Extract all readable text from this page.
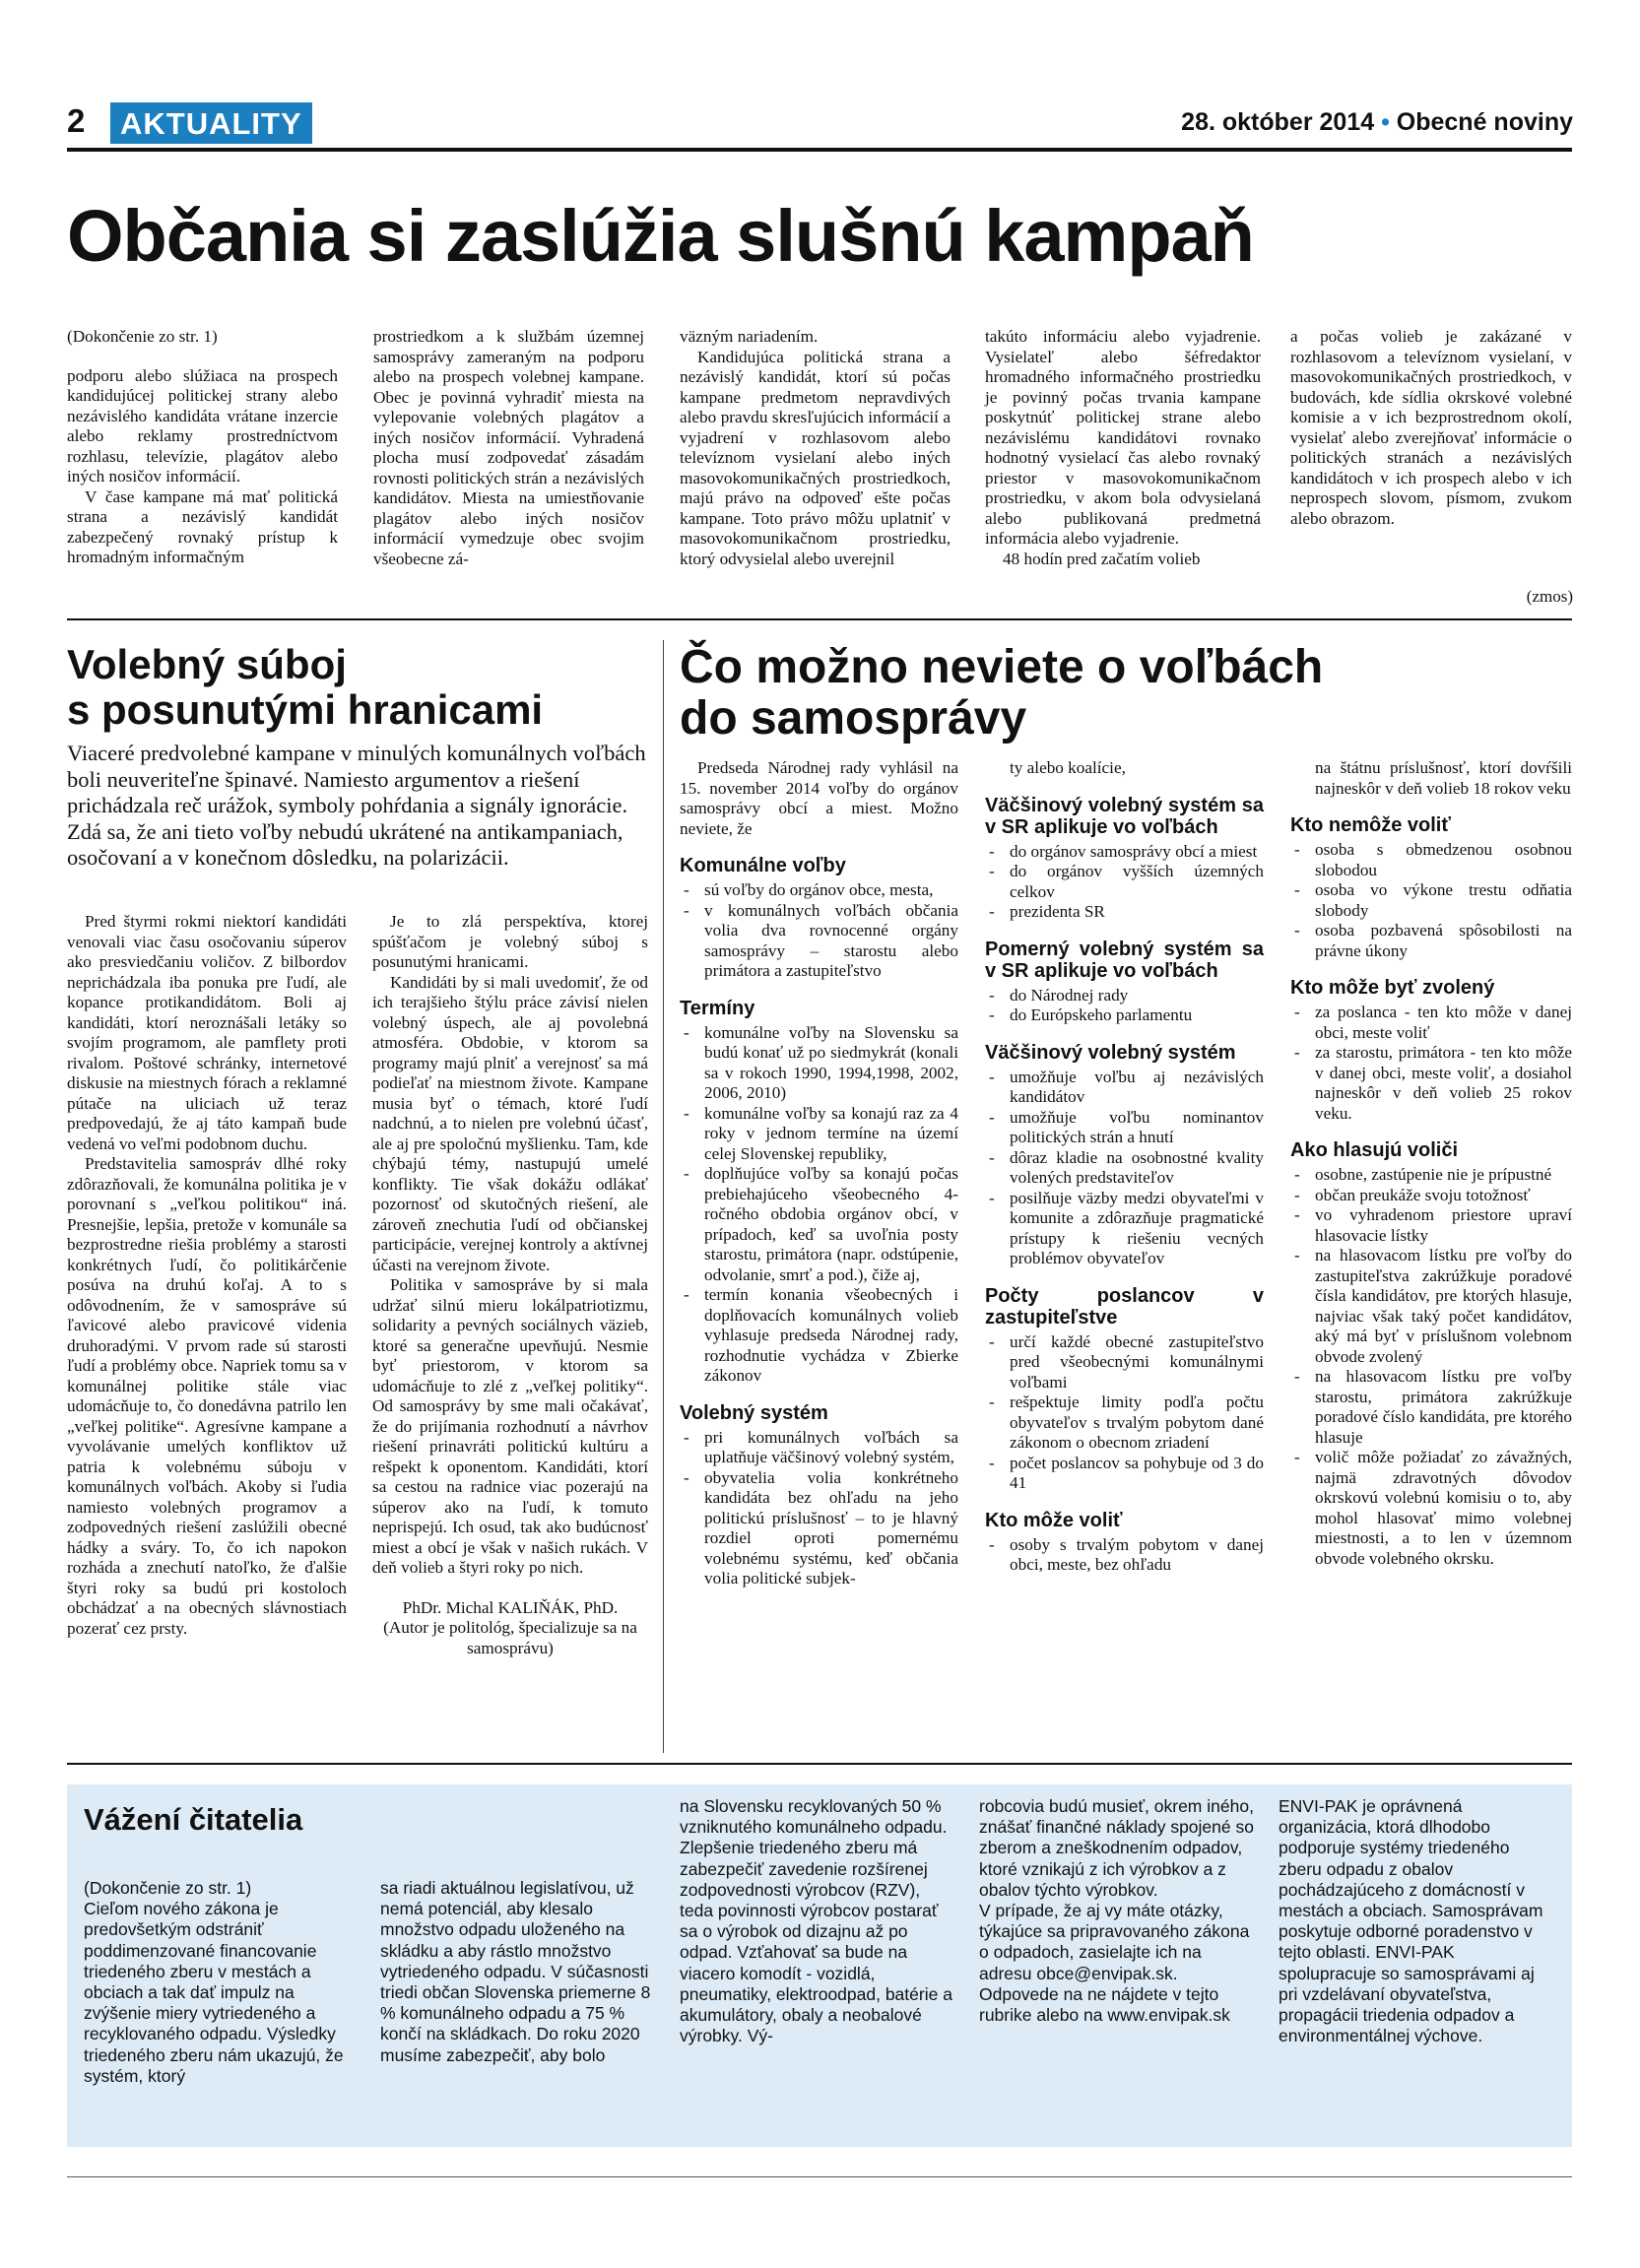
2	AKTUALITY	28. október 2014 • Obecné noviny
Občania si zaslúžia slušnú kampaň

(Dokončenie zo str. 1)

podporu alebo slúžiaca na prospech kandidujúcej politickej strany alebo nezávislého kandidáta vrátane inzercie alebo reklamy prostredníctvom rozhlasu, televízie, plagátov alebo iných nosičov informácií.

V čase kampane má mať politická strana a nezávislý kandidát zabezpečený rovnaký prístup k hromadným informačným

prostriedkom a k službám územnej samosprávy zameraným na podporu alebo na prospech volebnej kampane. Obec je povinná vyhradiť miesta na vylepovanie volebných plagátov a iných nosičov informácií. Vyhradená plocha musí zodpovedať zásadám rovnosti politických strán a nezávislých kandidátov. Miesta na umiestňovanie plagátov alebo iných nosičov informácií vymedzuje obec svojim všeobecne zá-

väzným nariadením.

Kandidujúca politická strana a nezávislý kandidát, ktorí sú počas kampane predmetom nepravdivých alebo pravdu skresľujúcich informácií a vyjadrení v rozhlasovom alebo televíznom vysielaní alebo iných masovokomunikačných prostriedkoch, majú právo na odpoveď ešte počas kampane. Toto právo môžu uplatniť v masovokomunikačnom prostriedku, ktorý odvysielal alebo uverejnil

takúto informáciu alebo vyjadrenie. Vysielateľ alebo šéfredaktor hromadného informačného prostriedku je povinný počas trvania kampane poskytnúť politickej strane alebo nezávislému kandidátovi rovnako hodnotný vysielací čas alebo rovnaký priestor v masovokomunikačnom prostriedku, v akom bola odvysielaná alebo publikovaná predmetná informácia alebo vyjadrenie.

48 hodín pred začatím volieb

a počas volieb je zakázané v rozhlasovom a televíznom vysielaní, v masovokomunikačných prostriedkoch, v budovách, kde sídlia okrskové volebné komisie a v ich bezprostrednom okolí, vysielať alebo zverejňovať informácie o politických stranách a nezávislých kandidátoch v ich prospech alebo v ich neprospech slovom, písmom, zvukom alebo obrazom.

(zmos)
Volebný súboj
s posunutými hranicami
Viaceré predvolebné kampane v minulých komunálnych voľbách boli neuveriteľne špinavé. Namiesto argumentov a riešení prichádzala reč urážok, symboly pohŕdania a signály ignorácie. Zdá sa, že ani tieto voľby nebudú ukrátené na antikampaniach, osočovaní a v konečnom dôsledku, na polarizácii.

Pred štyrmi rokmi niektorí kandidáti venovali viac času osočovaniu súperov ako presviedčaniu voličov. Z bilbordov neprichádzala iba ponuka pre ľudí, ale kopance protikandidátom. Boli aj kandidáti, ktorí neroznášali letáky so svojím programom, ale pamflety proti rivalom. Poštové schránky, internetové diskusie na miestnych fórach a reklamné pútače na uliciach už teraz predpovedajú, že aj táto kampaň bude vedená vo veľmi podobnom duchu.

Predstavitelia samospráv dlhé roky zdôrazňovali, že komunálna politika je v porovnaní s „veľkou politikou“ iná. Presnejšie, lepšia, pretože v komunále sa bezprostredne riešia problémy a starosti konkrétnych ľudí, čo politikárčenie posúva na druhú koľaj. A to s odôvodnením, že v samospráve sú ľavicové alebo pravicové videnia druhoradými. V prvom rade sú starosti ľudí a problémy obce. Napriek tomu sa v komunálnej politike stále viac udomácňuje to, čo donedávna patrilo len „veľkej politike“. Agresívne kampane a vyvolávanie umelých konfliktov už patria k volebnému súboju v komunálnych voľbách. Akoby si ľudia namiesto volebných programov a zodpovedných riešení zaslúžili obecné hádky a sváry. To, čo ich napokon rozháda a znechutí natoľko, že ďalšie štyri roky sa budú pri kostoloch obchádzať a na obecných slávnostiach pozerať cez prsty.

Je to zlá perspektíva, ktorej spúšťačom je volebný súboj s posunutými hranicami.

Kandidáti by si mali uvedomiť, že od ich terajšieho štýlu práce závisí nielen volebný úspech, ale aj povolebná atmosféra. Obdobie, v ktorom sa programy majú plniť a verejnosť sa má podieľať na miestnom živote. Kampane musia byť o témach, ktoré ľudí nadchnú, a to nielen pre volebnú účasť, ale aj pre spoločnú myšlienku. Tam, kde chýbajú témy, nastupujú umelé konflikty. Tie však dokážu odlákať pozornosť od skutočných riešení, ale zároveň znechutia ľudí od občianskej participácie, verejnej kontroly a aktívnej účasti na verejnom živote.

Politika v samospráve by si mala udržať silnú mieru lokálpatriotizmu, solidarity a pevných sociálnych väzieb, ktoré sa generačne upevňujú. Nesmie byť priestorom, v ktorom sa udomácňuje to zlé z „veľkej politiky“. Od samosprávy by sme mali očakávať, že do prijímania rozhodnutí a návrhov riešení prinavráti politickú kultúru a rešpekt k oponentom. Kandidáti, ktorí sa cestou na radnice viac pozerajú na súperov ako na ľudí, k tomuto neprispejú. Ich osud, tak ako budúcnosť miest a obcí je však v našich rukách. V deň volieb a štyri roky po nich.

PhDr. Michal KALIŇÁK, PhD.
(Autor je politológ, špecializuje sa na samosprávu)
Čo možno neviete o voľbách
do samosprávy

Predseda Národnej rady vyhlásil na 15. november 2014 voľby do orgánov samosprávy obcí a miest. Možno neviete, že

Komunálne voľby
- sú voľby do orgánov obce, mesta,
- v komunálnych voľbách občania volia dva rovnocenné orgány samosprávy – starostu alebo primátora a zastupiteľstvo
Termíny
- komunálne voľby na Slovensku sa budú konať už po siedmykrát (konali sa v rokoch 1990, 1994,1998, 2002, 2006, 2010)
- komunálne voľby sa konajú raz za 4 roky v jednom termíne na území celej Slovenskej republiky,
- doplňujúce voľby sa konajú počas prebiehajúceho všeobecného 4-ročného obdobia orgánov obcí, v prípadoch, keď sa uvoľnia posty starostu, primátora (napr. odstúpenie, odvolanie, smrť a pod.), čiže aj,
- termín konania všeobecných i doplňovacích komunálnych volieb vyhlasuje predseda Národnej rady, rozhodnutie vychádza v Zbierke zákonov
Volebný systém
- pri komunálnych voľbách sa uplatňuje väčšinový volebný systém,
- obyvatelia volia konkrétneho kandidáta bez ohľadu na jeho politickú príslušnosť – to je hlavný rozdiel oproti pomernému volebnému systému, keď občania volia politické subjek-

ty alebo koalície,

Väčšinový volebný systém sa v SR aplikuje vo voľbách
- do orgánov samosprávy obcí a miest
- do orgánov vyšších územných celkov
- prezidenta SR
Pomerný volebný systém sa v SR aplikuje vo voľbách
- do Národnej rady
- do Európskeho parlamentu
Väčšinový volebný systém
- umožňuje voľbu aj nezávislých kandidátov
- umožňuje voľbu nominantov politických strán a hnutí
- dôraz kladie na osobnostné kvality volených predstaviteľov
- posilňuje väzby medzi obyvateľmi v komunite a zdôrazňuje pragmatické prístupy k riešeniu vecných problémov obyvateľov
Počty poslancov v zastupiteľstve
- určí každé obecné zastupiteľstvo pred všeobecnými komunálnymi voľbami
- rešpektuje limity podľa počtu obyvateľov s trvalým pobytom dané zákonom o obecnom zriadení
- počet poslancov sa pohybuje od 3 do 41
Kto môže voliť
- osoby s trvalým pobytom v danej obci, meste, bez ohľadu

na štátnu príslušnosť, ktorí dovŕšili najneskôr v deň volieb 18 rokov veku

Kto nemôže voliť
- osoba s obmedzenou osobnou slobodou
- osoba vo výkone trestu odňatia slobody
- osoba pozbavená spôsobilosti na právne úkony
Kto môže byť zvolený
- za poslanca - ten kto môže v danej obci, meste voliť
- za starostu, primátora - ten kto môže v danej obci, meste voliť, a dosiahol najneskôr v deň volieb 25 rokov veku.
Ako hlasujú voliči
- osobne, zastúpenie nie je prípustné
- občan preukáže svoju totožnosť
- vo vyhradenom priestore upraví hlasovacie lístky
- na hlasovacom lístku pre voľby do zastupiteľstva zakrúžkuje poradové čísla kandidátov, pre ktorých hlasuje, najviac však taký počet kandidátov, aký má byť v príslušnom volebnom obvode zvolený
- na hlasovacom lístku pre voľby starostu, primátora zakrúžkuje poradové číslo kandidáta, pre ktorého hlasuje
- volič môže požiadať zo závažných, najmä zdravotných dôvodov okrskovú volebnú komisiu o to, aby mohol hlasovať mimo volebnej miestnosti, a to len v územnom obvode volebného okrsku.
Vážení čitatelia
(Dokončenie zo str. 1)
Cieľom nového zákona je predovšetkým odstrániť poddimenzované financovanie triedeného zberu v mestách a obciach a tak dať impulz na zvýšenie miery vytriedeného a recyklovaného odpadu. Výsledky triedeného zberu nám ukazujú, že systém, ktorý
sa riadi aktuálnou legislatívou, už nemá potenciál, aby klesalo množstvo odpadu uloženého na skládku a aby rástlo množstvo vytriedeného odpadu. V súčasnosti triedi občan Slovenska priemerne 8 % komunálneho odpadu a 75 % končí na skládkach. Do roku 2020 musíme zabezpečiť, aby bolo
na Slovensku recyklovaných 50 % vzniknutého komunálneho odpadu.
Zlepšenie triedeného zberu má zabezpečiť zavedenie rozšírenej zodpovednosti výrobcov (RZV), teda povinnosti výrobcov postarať sa o výrobok od dizajnu až po odpad. Vzťahovať sa bude na viacero komodít - vozidlá, pneumatiky, elektroodpad, batérie a akumulátory, obaly a neobalové výrobky. Vý-
robcovia budú musieť, okrem iného, znášať finančné náklady spojené so zberom a zneškodnením odpadov, ktoré vznikajú z ich výrobkov a z obalov týchto výrobkov.
V prípade, že aj vy máte otázky, týkajúce sa pripravovaného zákona o odpadoch, zasielajte ich na adresu obce@envipak.sk. Odpovede na ne nájdete v tejto rubrike alebo na www.envipak.sk
ENVI-PAK je oprávnená organizácia, ktorá dlhodobo podporuje systémy triedeného zberu odpadu z obalov pochádzajúceho z domácností v mestách a obciach. Samosprávam poskytuje odborné poradenstvo v tejto oblasti. ENVI-PAK spolupracuje so samosprávami aj pri vzdelávaní obyvateľstva, propagácii triedenia odpadov a environmentálnej výchove.
